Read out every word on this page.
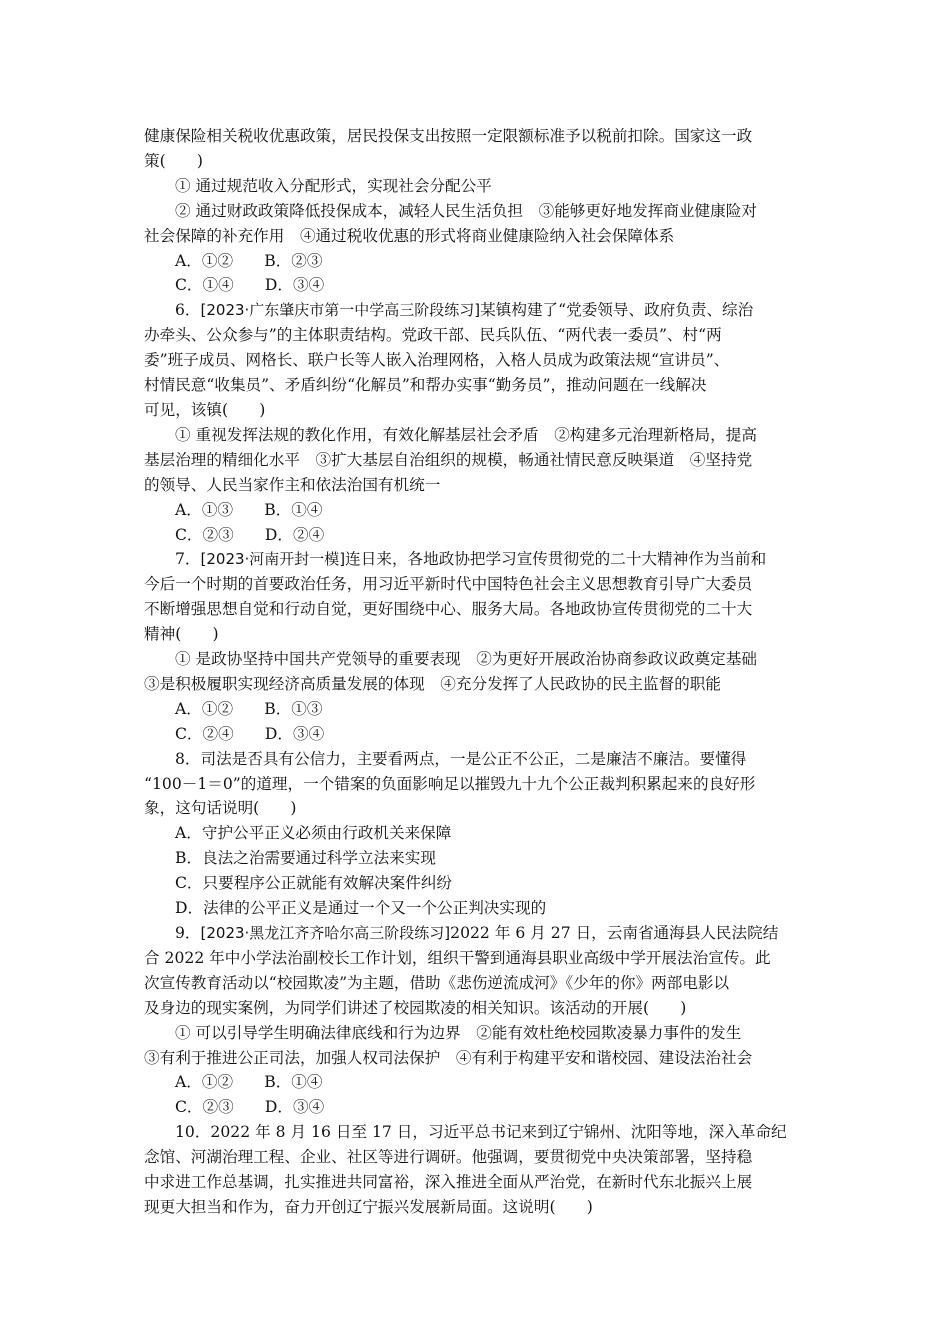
健康保险相关税收优惠政策，居民投保支出按照一定限额标准予以税前扣除。国家这一政

策(　　)

① 通过规范收入分配形式，实现社会分配公平

② 通过财政政策降低投保成本，减轻人民生活负担　③能够更好地发挥商业健康险对

社会保障的补充作用　④通过税收优惠的形式将商业健康险纳入社会保障体系

A．①②　　B．②③

C．①④　　D．③④

6．[2023·广东肇庆市第一中学高三阶段练习]某镇构建了“党委领导、政府负责、综治

办牵头、公众参与”的主体职责结构。党政干部、民兵队伍、“两代表一委员”、村“两

委”班子成员、网格长、联户长等人嵌入治理网格，入格人员成为政策法规“宣讲员”、

村情民意“收集员”、矛盾纠纷“化解员”和帮办实事“勤务员”，推动问题在一线解决

可见，该镇(　　)

① 重视发挥法规的教化作用，有效化解基层社会矛盾　②构建多元治理新格局，提高

基层治理的精细化水平　③扩大基层自治组织的规模，畅通社情民意反映渠道　④坚持党

的领导、人民当家作主和依法治国有机统一

A．①③　　B．①④

C．②③　　D．②④

7．[2023·河南开封一模]连日来，各地政协把学习宣传贯彻党的二十大精神作为当前和

今后一个时期的首要政治任务，用习近平新时代中国特色社会主义思想教育引导广大委员

不断增强思想自觉和行动自觉，更好围绕中心、服务大局。各地政协宣传贯彻党的二十大

精神(　　)

① 是政协坚持中国共产党领导的重要表现　②为更好开展政治协商参政议政奠定基础

③是积极履职实现经济高质量发展的体现　④充分发挥了人民政协的民主监督的职能

A．①②　　B．①③

C．②④　　D．③④

8．司法是否具有公信力，主要看两点，一是公正不公正，二是廉洁不廉洁。要懂得

“100－1＝0”的道理，一个错案的负面影响足以摧毁九十九个公正裁判积累起来的良好形

象，这句话说明(　　)

A．守护公平正义必须由行政机关来保障

B．良法之治需要通过科学立法来实现

C．只要程序公正就能有效解决案件纠纷

D．法律的公平正义是通过一个又一个公正判决实现的

9．[2023·黑龙江齐齐哈尔高三阶段练习]2022 年 6 月 27 日，云南省通海县人民法院结

合 2022 年中小学法治副校长工作计划，组织干警到通海县职业高级中学开展法治宣传。此

次宣传教育活动以“校园欺凌”为主题，借助《悲伤逆流成河》《少年的你》两部电影以

及身边的现实案例，为同学们讲述了校园欺凌的相关知识。该活动的开展(　　)

① 可以引导学生明确法律底线和行为边界　②能有效杜绝校园欺凌暴力事件的发生

③有利于推进公正司法，加强人权司法保护　④有利于构建平安和谐校园、建设法治社会

A．①②　　B．①④

C．②③　　D．③④

10．2022 年 8 月 16 日至 17 日，习近平总书记来到辽宁锦州、沈阳等地，深入革命纪

念馆、河湖治理工程、企业、社区等进行调研。他强调，要贯彻党中央决策部署，坚持稳

中求进工作总基调，扎实推进共同富裕，深入推进全面从严治党，在新时代东北振兴上展

现更大担当和作为，奋力开创辽宁振兴发展新局面。这说明(　　)
